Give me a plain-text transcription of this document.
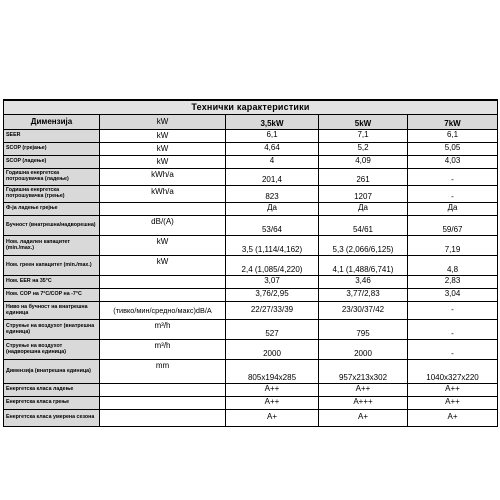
Технички карактеристики				
Димензија	kW	3,5kW	5kW	7kW
SEER	kW	6,1	7,1	6,1
SCOP (грејање)	kW	4,64	5,2	5,05
SCOP (ладење)	kW	4	4,09	4,03
Годишна енергетска потрошувачка (ладење)	kWh/a	201,4	261	-
Годишна енергетска потрошувачка (грење)	kWh/a	823	1207	-
Ф-ја ладење грејње		Да	Да	Да
Бучност (внатрешна/надворешна)	dB/(A)	53/64	54/61	59/67
Ном. ладилен капацитет (min./max.)	kW	3,5 (1,114/4,162)	5,3 (2,066/6,125)	7,19
Ном. греен капацитет (min./max.)	kW	2,4 (1,085/4,220)	4,1 (1,488/6,741)	4,8
Ном. EER на 35°C		3,07	3,46	2,83
Ном. COP на 7°C/COP на -7°C		3,76/2,95	3,77/2,83	3,04
Ниво на бучност на внатрешна единица	(тивко/мин/средно/макс)dB/A	22/27/33/39	23/30/37/42	-
Струење на воздухот (внатрешна единица)	m³/h	527	795	-
Струење на воздухот (надворешна единица)	m³/h	2000	2000	-
Димензија (внатрешна единица)	mm	805x194x285	957x213x302	1040x327x220
Енергетска класа ладење		A++	A++	A++
Енергетска класа грење		A++	A+++	A++
Енергетска класа умерена сезона		A+	A+	A+
